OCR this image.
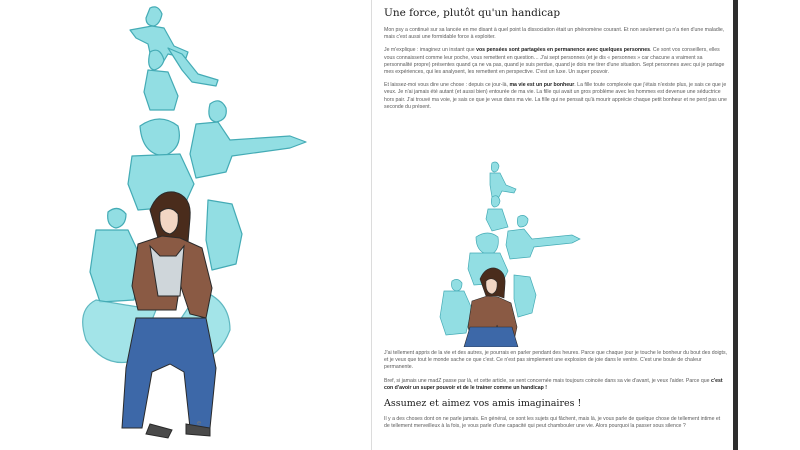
e
Une force, plutôt qu'un handicap

Mon psy a continué sur sa lancée en me disant à quel point la dissociation était un phénomène courant. Et non seulement ça n'a rien d'une maladie, mais c'est aussi une formidable force à exploiter.

Je m'explique : imaginez un instant que vos pensées sont partagées en permanence avec quelques personnes. Ce sont vos conseillers, elles vous connaissent comme leur poche, vous remettent en question… J'ai sept personnes (et je dis « personnes » car chacune a vraiment sa personnalité propre) présentes quand ça ne va pas, quand je suis perdue, quand je dois me tirer d'une situation. Sept personnes avec qui je partage mes expériences, qui les analysent, les remettent en perspective. C'est un luxe. Un super pouvoir.

Et laissez-moi vous dire une chose : depuis ce jour-là, ma vie est un pur bonheur. La fille toute complexée que j'étais n'existe plus, je sais ce que je veux. Je n'ai jamais été autant (et aussi bien) entourée de ma vie. La fille qui avait un gros problème avec les hommes est devenue une séductrice hors pair. J'ai trouvé ma voie, je sais ce que je veux dans ma vie. La fille qui ne pensait qu'à mourir apprécie chaque petit bonheur et ne perd pas une seconde du présent.

J'ai tellement appris de la vie et des autres, je pourrais en parler pendant des heures. Parce que chaque jour je touche le bonheur du bout des doigts, et je veux que tout le monde sache ce que c'est. Ce n'est pas simplement une explosion de joie dans le ventre. C'est une boule de chaleur permanente.

Bref, si jamais une madZ passe par là, et cette article, se sent concernée mais toujours coincée dans sa vie d'avant, je veux l'aider. Parce que c'est con d'avoir un super pouvoir et de le trainer comme un handicap !

Assumez et aimez vos amis imaginaires !

Il y a des choses dont on ne parle jamais. En général, ce sont les sujets qui fâchent, mais là, je vous parle de quelque chose de tellement intime et de tellement merveilleux à la fois, je vous parle d'une capacité qui peut chambouler une vie. Alors pourquoi la passer sous silence ?
